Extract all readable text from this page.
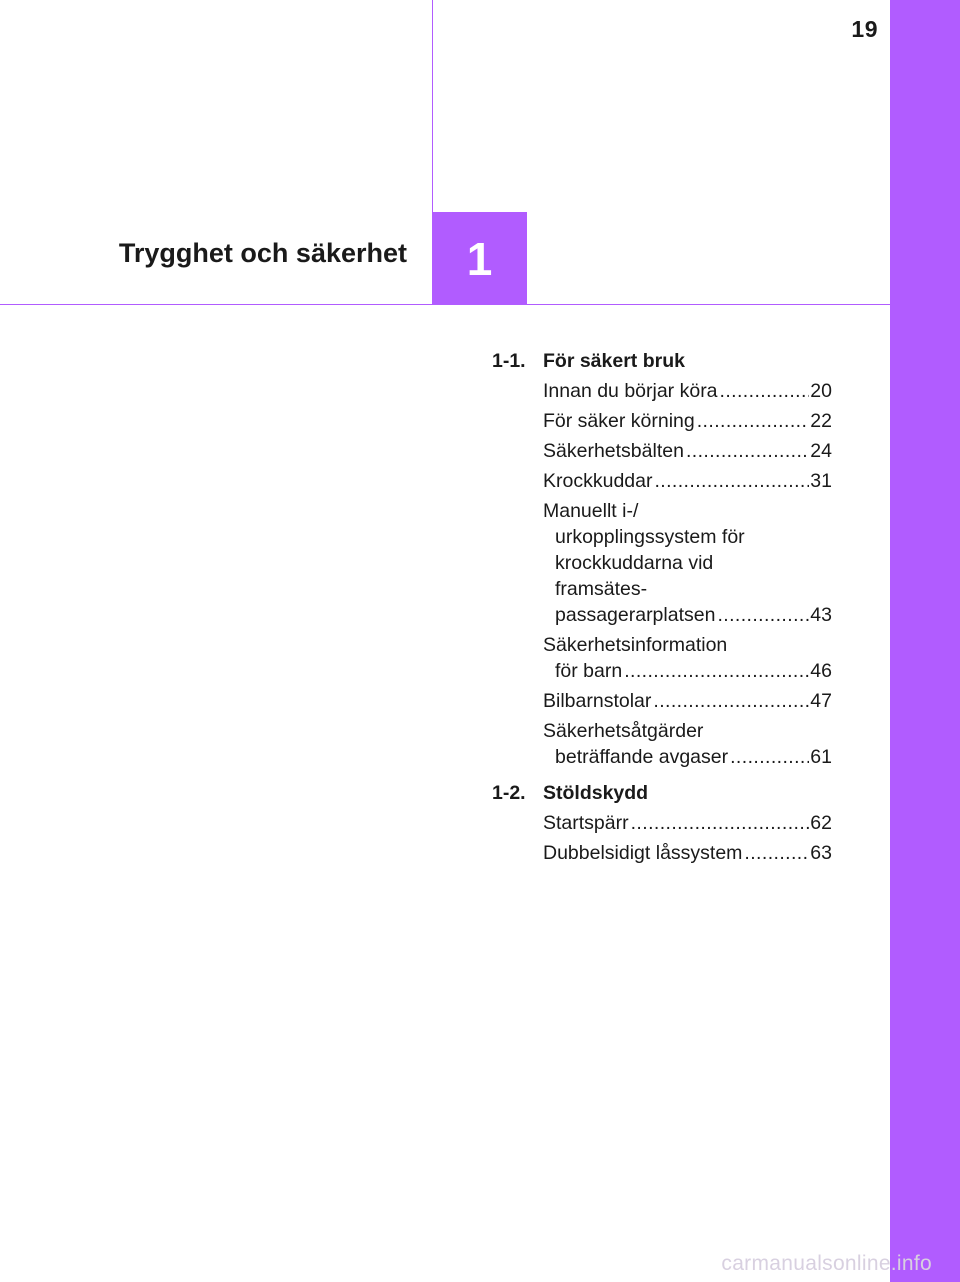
19
1
Trygghet och säkerhet
1-1. För säkert bruk
Innan du börjar köra .....	20
För säker körning .....	22
Säkerhetsbälten .....	24
Krockkuddar .....	31
Manuellt i-/
urkopplingssystem för
krockkuddarna vid
framsätes-
passagerarplatsen .....	43
Säkerhetsinformation
för barn .....	46
Bilbarnstolar .....	47
Säkerhetsåtgärder
beträffande avgaser .....	61
1-2. Stöldskydd
Startspärr .....	62
Dubbelsidigt låssystem .....	63
carmanualsonline.info
